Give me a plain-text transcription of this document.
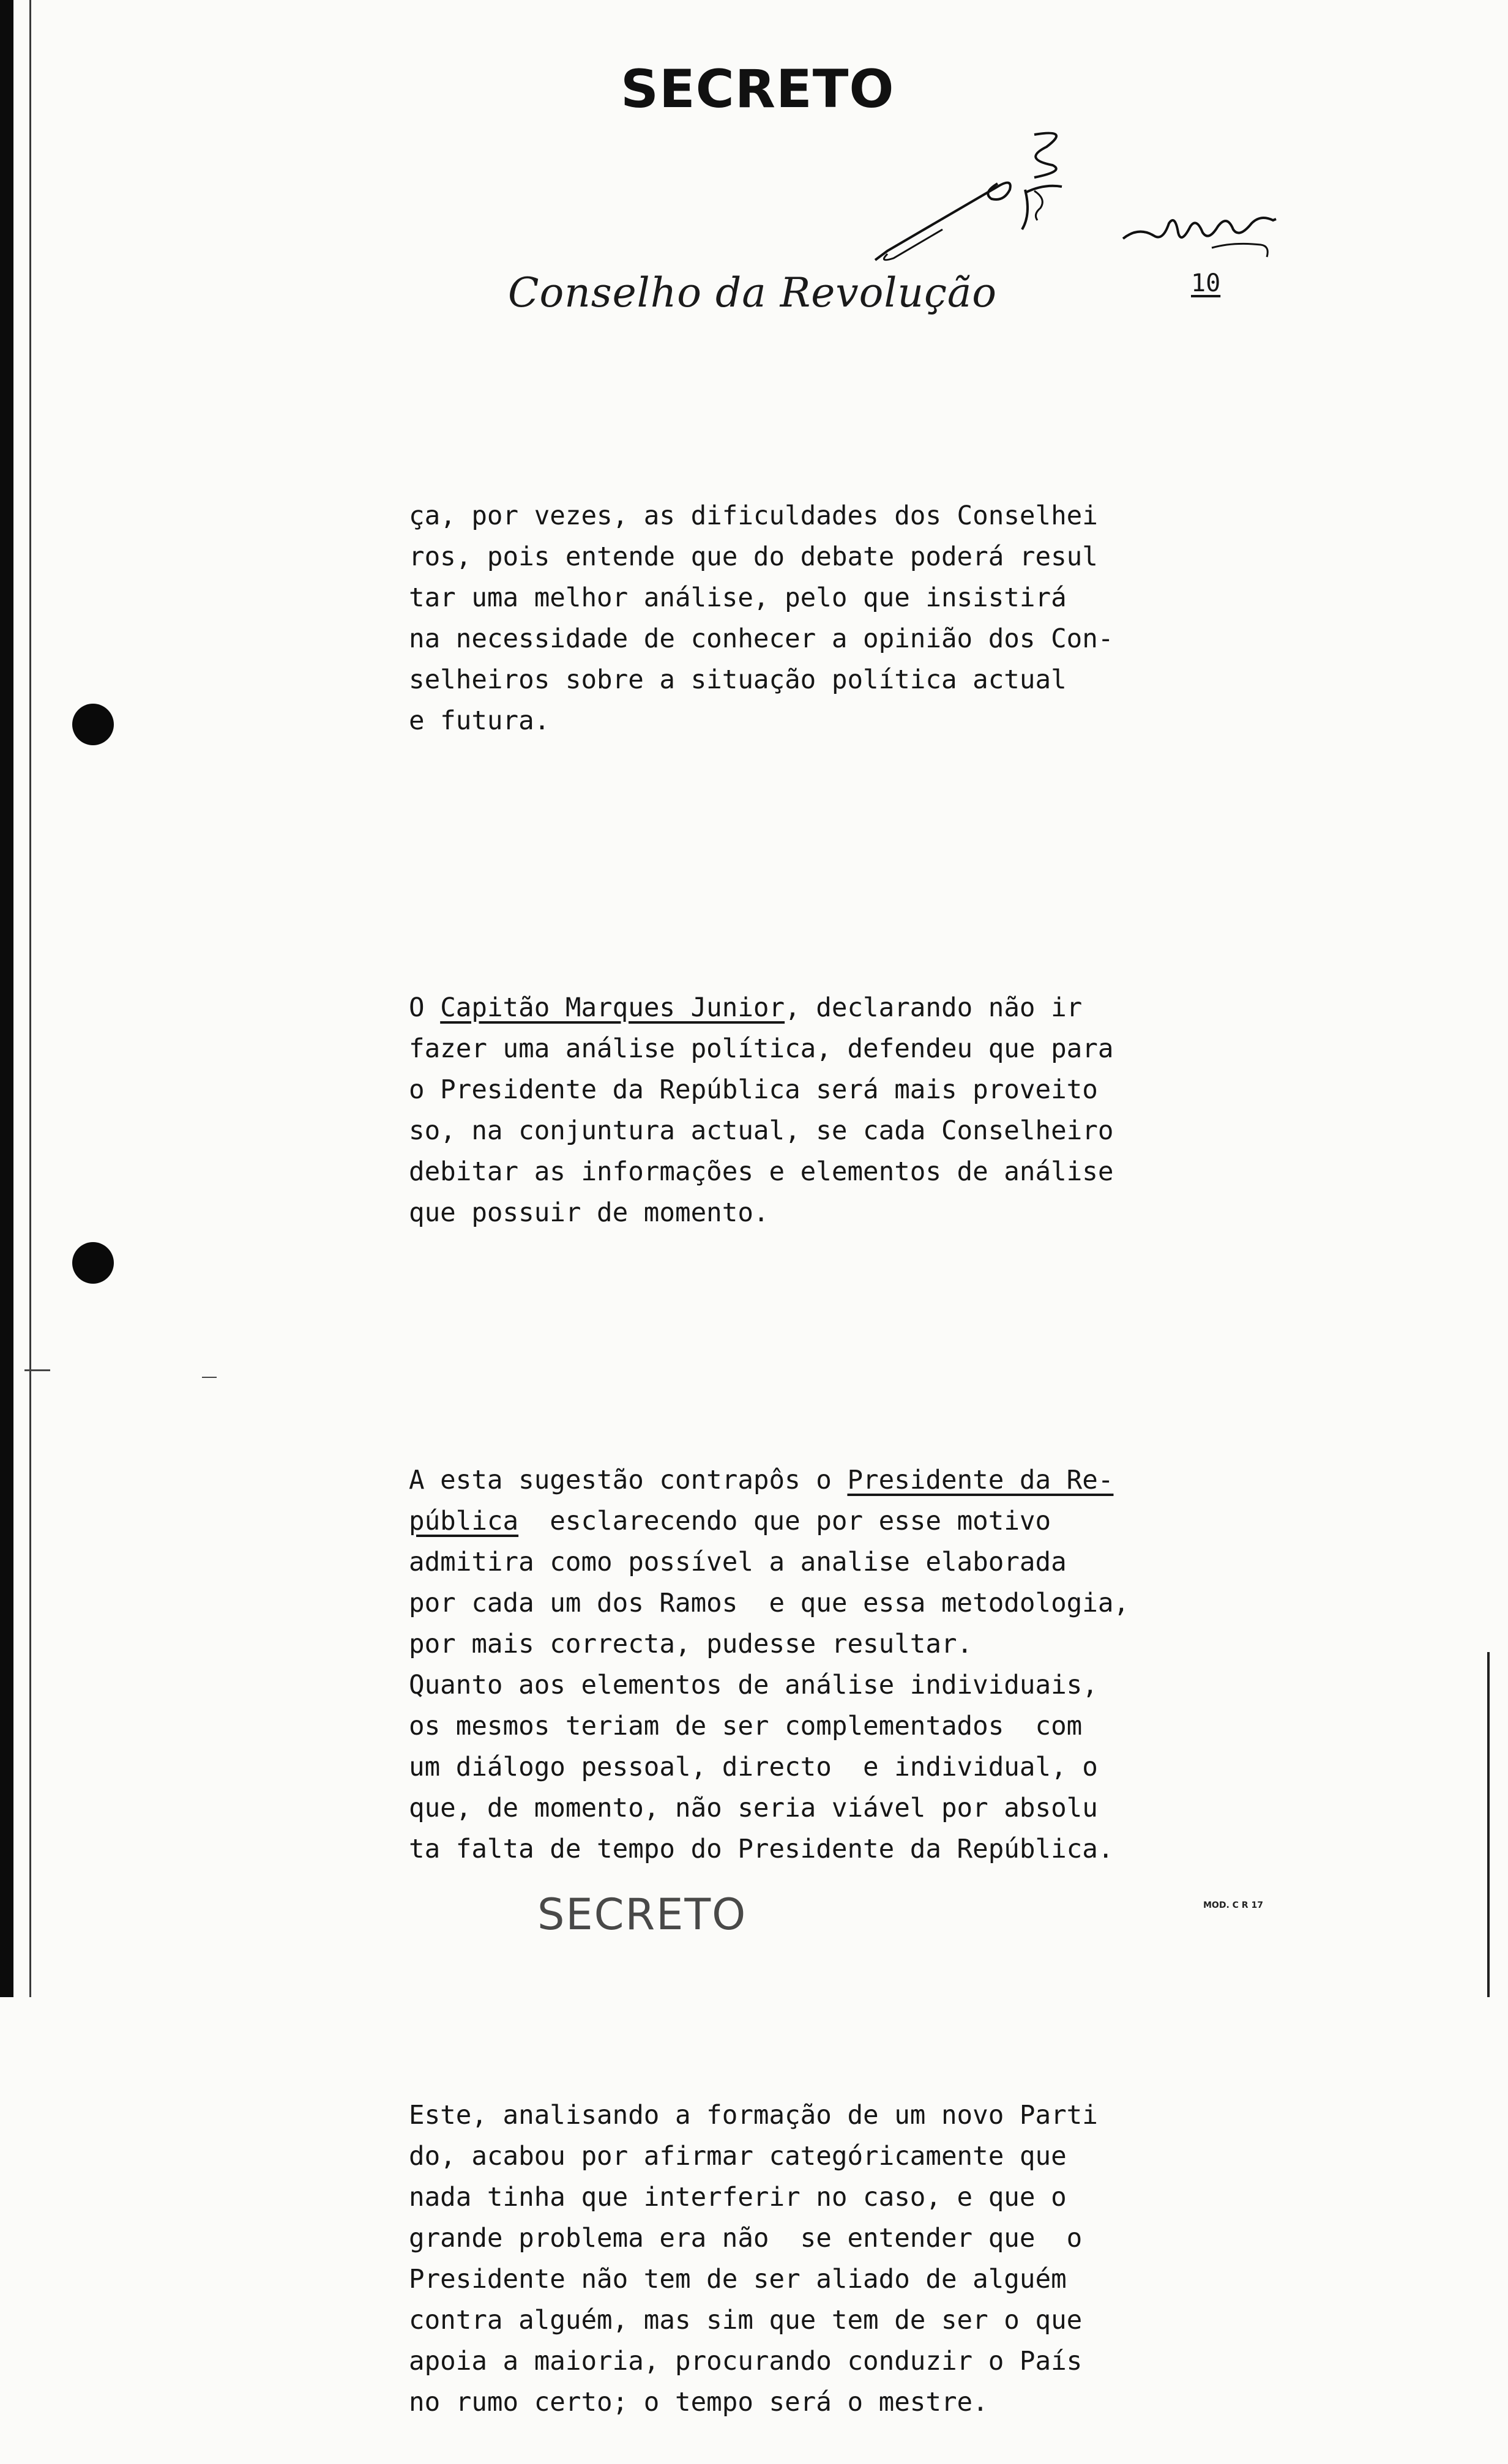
SECRETO
Conselho da Revolução	10

ça, por vezes, as dificuldades dos Conselhei
ros, pois entende que do debate poderá resul
tar uma melhor análise, pelo que insistirá
na necessidade de conhecer a opinião dos Con-
selheiros sobre a situação política actual
e futura.

O Capitão Marques Junior, declarando não ir
fazer uma análise política, defendeu que para
o Presidente da República será mais proveito
so, na conjuntura actual, se cada Conselheiro
debitar as informações e elementos de análise
que possuir de momento.

A esta sugestão contrapôs o Presidente da Re-
pública  esclarecendo que por esse motivo
admitira como possível a analise elaborada
por cada um dos Ramos  e que essa metodologia,
por mais correcta, pudesse resultar.
Quanto aos elementos de análise individuais,
os mesmos teriam de ser complementados  com
um diálogo pessoal, directo  e individual, o
que, de momento, não seria viável por absolu
ta falta de tempo do Presidente da República.

Este, analisando a formação de um novo Parti
do, acabou por afirmar categóricamente que
nada tinha que interferir no caso, e que o
grande problema era não  se entender que  o
Presidente não tem de ser aliado de alguém
contra alguém, mas sim que tem de ser o que
apoia a maioria, procurando conduzir o País
no rumo certo; o tempo será o mestre.

SECRETO	MOD. C R 17
